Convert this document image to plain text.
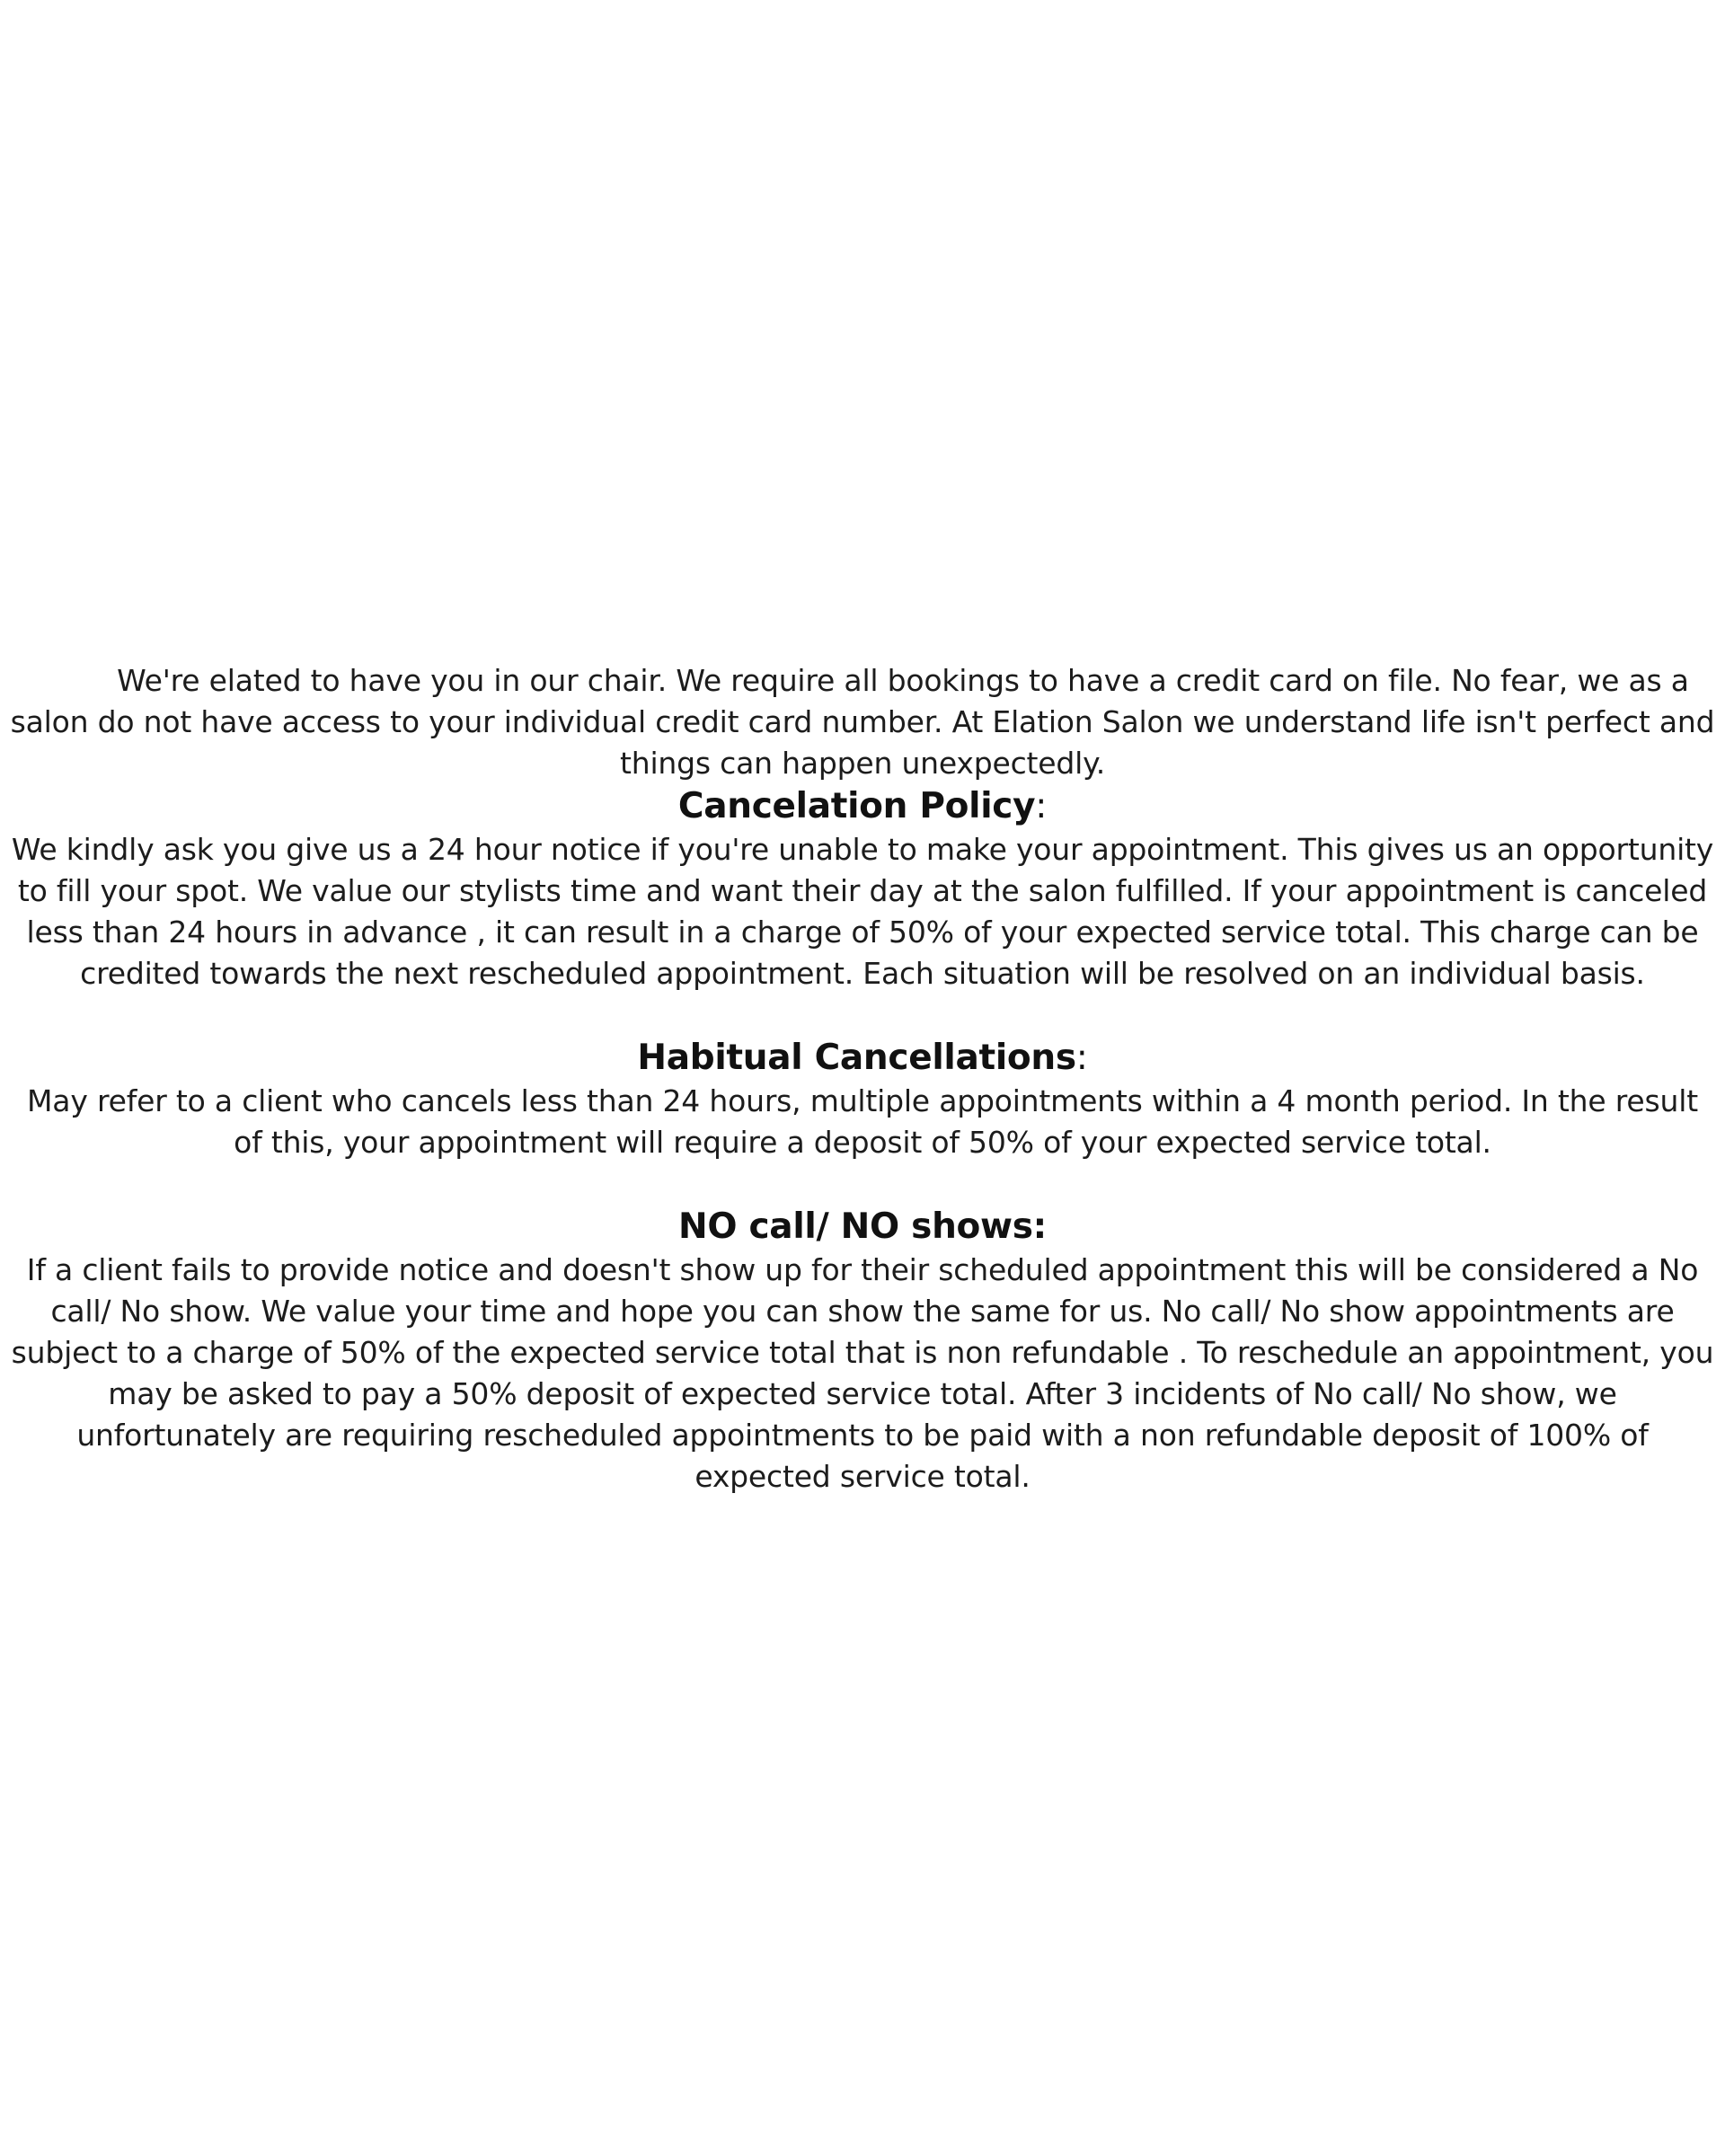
We're elated to have you in our chair. We require all bookings to have a credit card on file. No fear, we as a salon do not have access to your individual credit card number. At Elation Salon we understand life isn't perfect and things can happen unexpectedly.

Cancelation Policy:

We kindly ask you give us a 24 hour notice if you're unable to make your appointment. This gives us an opportunity to fill your spot. We value our stylists time and want their day at the salon fulfilled. If your appointment is canceled less than 24 hours in advance , it can result in a charge of 50% of your expected service total. This charge can be credited towards the next rescheduled appointment. Each situation will be resolved on an individual basis.

Habitual Cancellations:

May refer to a client who cancels less than 24 hours, multiple appointments within a 4 month period. In the result of this, your appointment will require a deposit of 50% of your expected service total.

NO call/ NO shows:

If a client fails to provide notice and doesn't show up for their scheduled appointment this will be considered a No call/ No show. We value your time and hope you can show the same for us. No call/ No show appointments are subject to a charge of 50% of the expected service total that is non refundable . To reschedule an appointment, you may be asked to pay a 50% deposit of expected service total. After 3 incidents of No call/ No show, we unfortunately are requiring rescheduled appointments to be paid with a non refundable deposit of 100% of expected service total.
